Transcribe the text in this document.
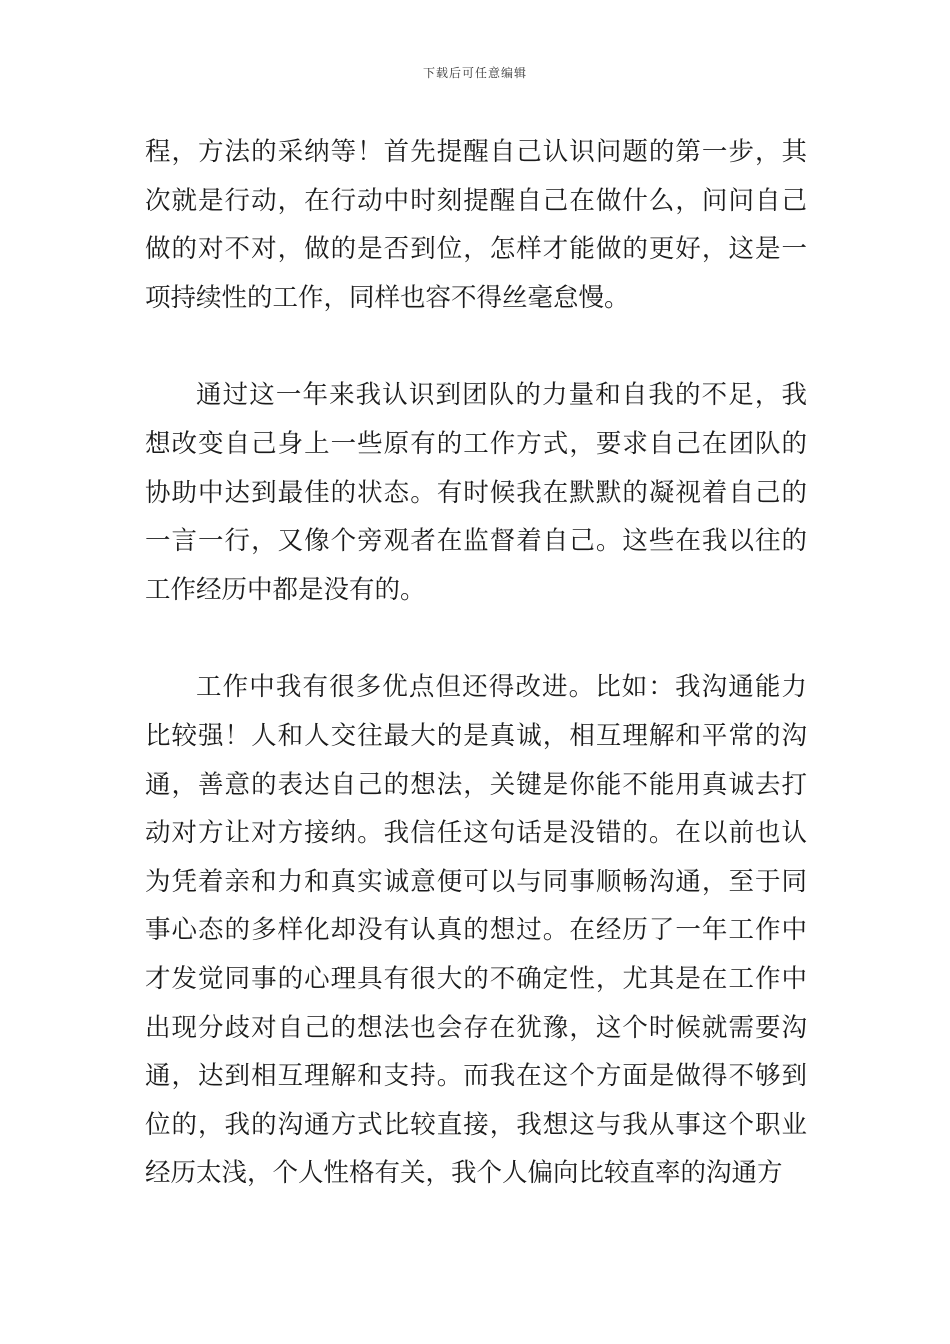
下载后可任意编辑

程，方法的采纳等！首先提醒自己认识问题的第一步，其次就是行动，在行动中时刻提醒自己在做什么，问问自己做的对不对，做的是否到位，怎样才能做的更好，这是一项持续性的工作，同样也容不得丝毫怠慢。

通过这一年来我认识到团队的力量和自我的不足，我想改变自己身上一些原有的工作方式，要求自己在团队的协助中达到最佳的状态。有时候我在默默的凝视着自己的一言一行，又像个旁观者在监督着自己。这些在我以往的工作经历中都是没有的。

工作中我有很多优点但还得改进。比如：我沟通能力比较强！人和人交往最大的是真诚，相互理解和平常的沟通，善意的表达自己的想法，关键是你能不能用真诚去打动对方让对方接纳。我信任这句话是没错的。在以前也认为凭着亲和力和真实诚意便可以与同事顺畅沟通，至于同事心态的多样化却没有认真的想过。在经历了一年工作中才发觉同事的心理具有很大的不确定性，尤其是在工作中出现分歧对自己的想法也会存在犹豫，这个时候就需要沟通，达到相互理解和支持。而我在这个方面是做得不够到位的，我的沟通方式比较直接，我想这与我从事这个职业经历太浅，个人性格有关，我个人偏向比较直率的沟通方
